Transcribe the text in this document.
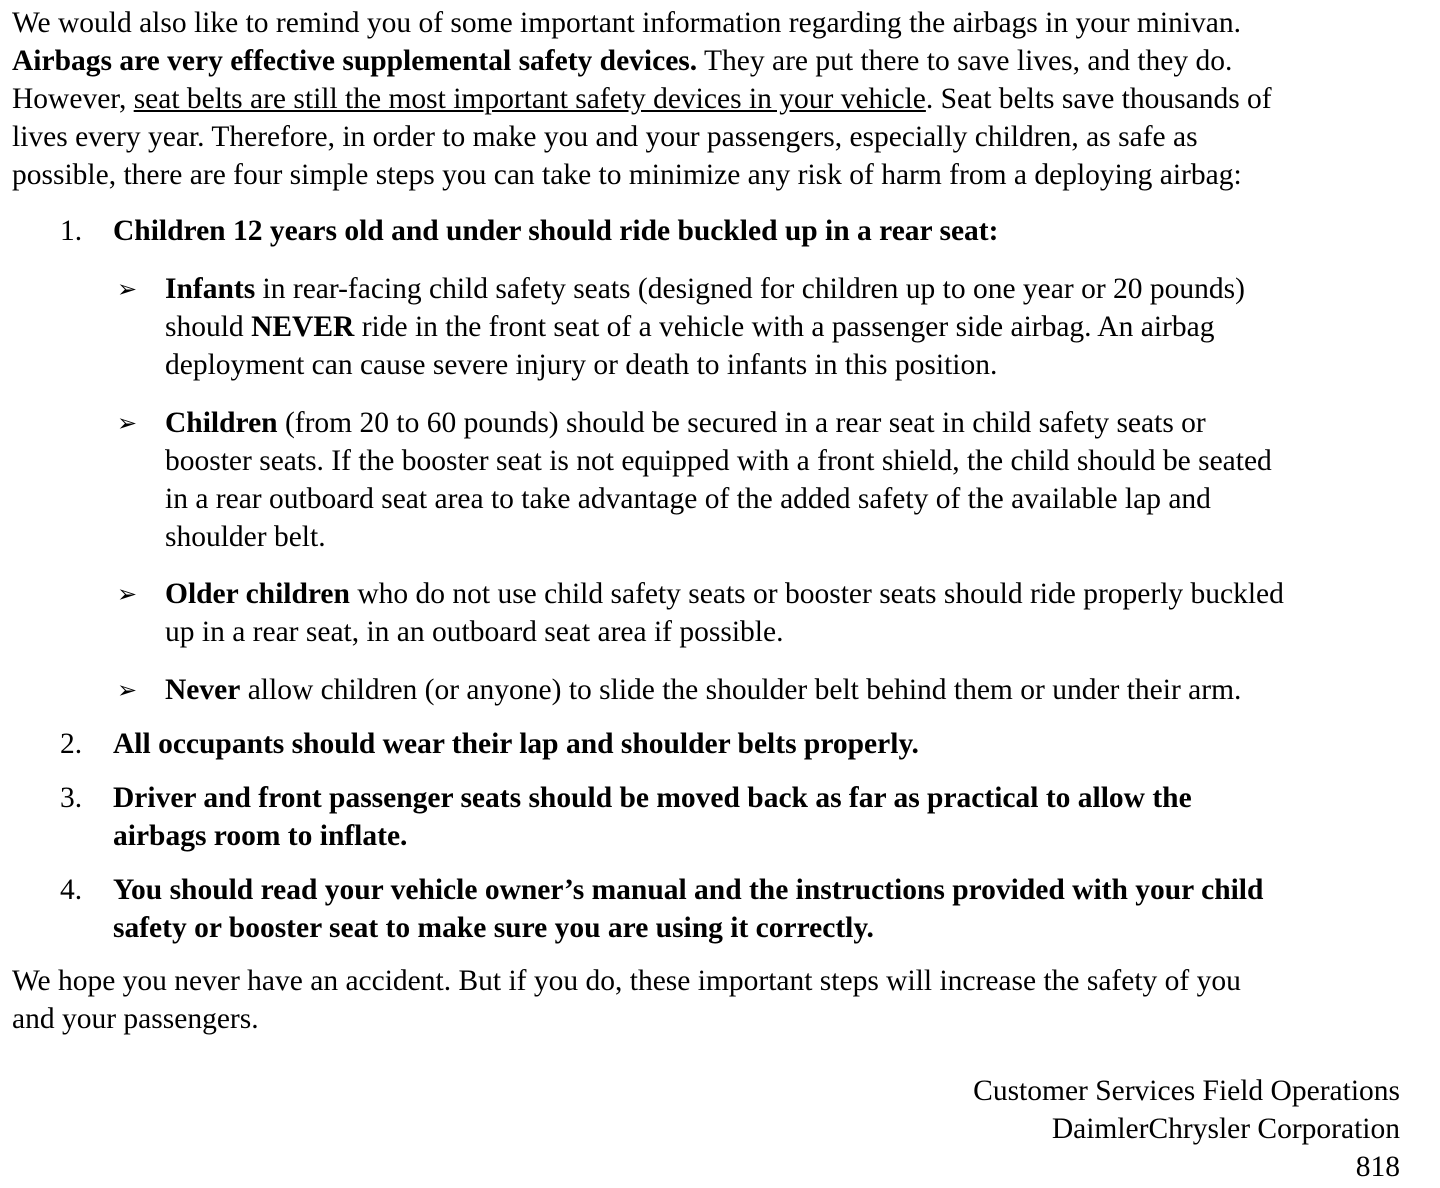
We would also like to remind you of some important information regarding the airbags in your minivan.
Airbags are very effective supplemental safety devices. They are put there to save lives, and they do.
However, seat belts are still the most important safety devices in your vehicle. Seat belts save thousands of
lives every year. Therefore, in order to make you and your passengers, especially children, as safe as
possible, there are four simple steps you can take to minimize any risk of harm from a deploying airbag:
1.	Children 12 years old and under should ride buckled up in a rear seat:
➢ Infants in rear-facing child safety seats (designed for children up to one year or 20 pounds)
should NEVER ride in the front seat of a vehicle with a passenger side airbag. An airbag
deployment can cause severe injury or death to infants in this position.
➢ Children (from 20 to 60 pounds) should be secured in a rear seat in child safety seats or
booster seats. If the booster seat is not equipped with a front shield, the child should be seated
in a rear outboard seat area to take advantage of the added safety of the available lap and
shoulder belt.
➢ Older children who do not use child safety seats or booster seats should ride properly buckled
up in a rear seat, in an outboard seat area if possible.
➢ Never allow children (or anyone) to slide the shoulder belt behind them or under their arm.
2.	All occupants should wear their lap and shoulder belts properly.
3.	Driver and front passenger seats should be moved back as far as practical to allow the
airbags room to inflate.
4.	You should read your vehicle owner’s manual and the instructions provided with your child
safety or booster seat to make sure you are using it correctly.
We hope you never have an accident. But if you do, these important steps will increase the safety of you
and your passengers.
Customer Services Field Operations
DaimlerChrysler Corporation
818
